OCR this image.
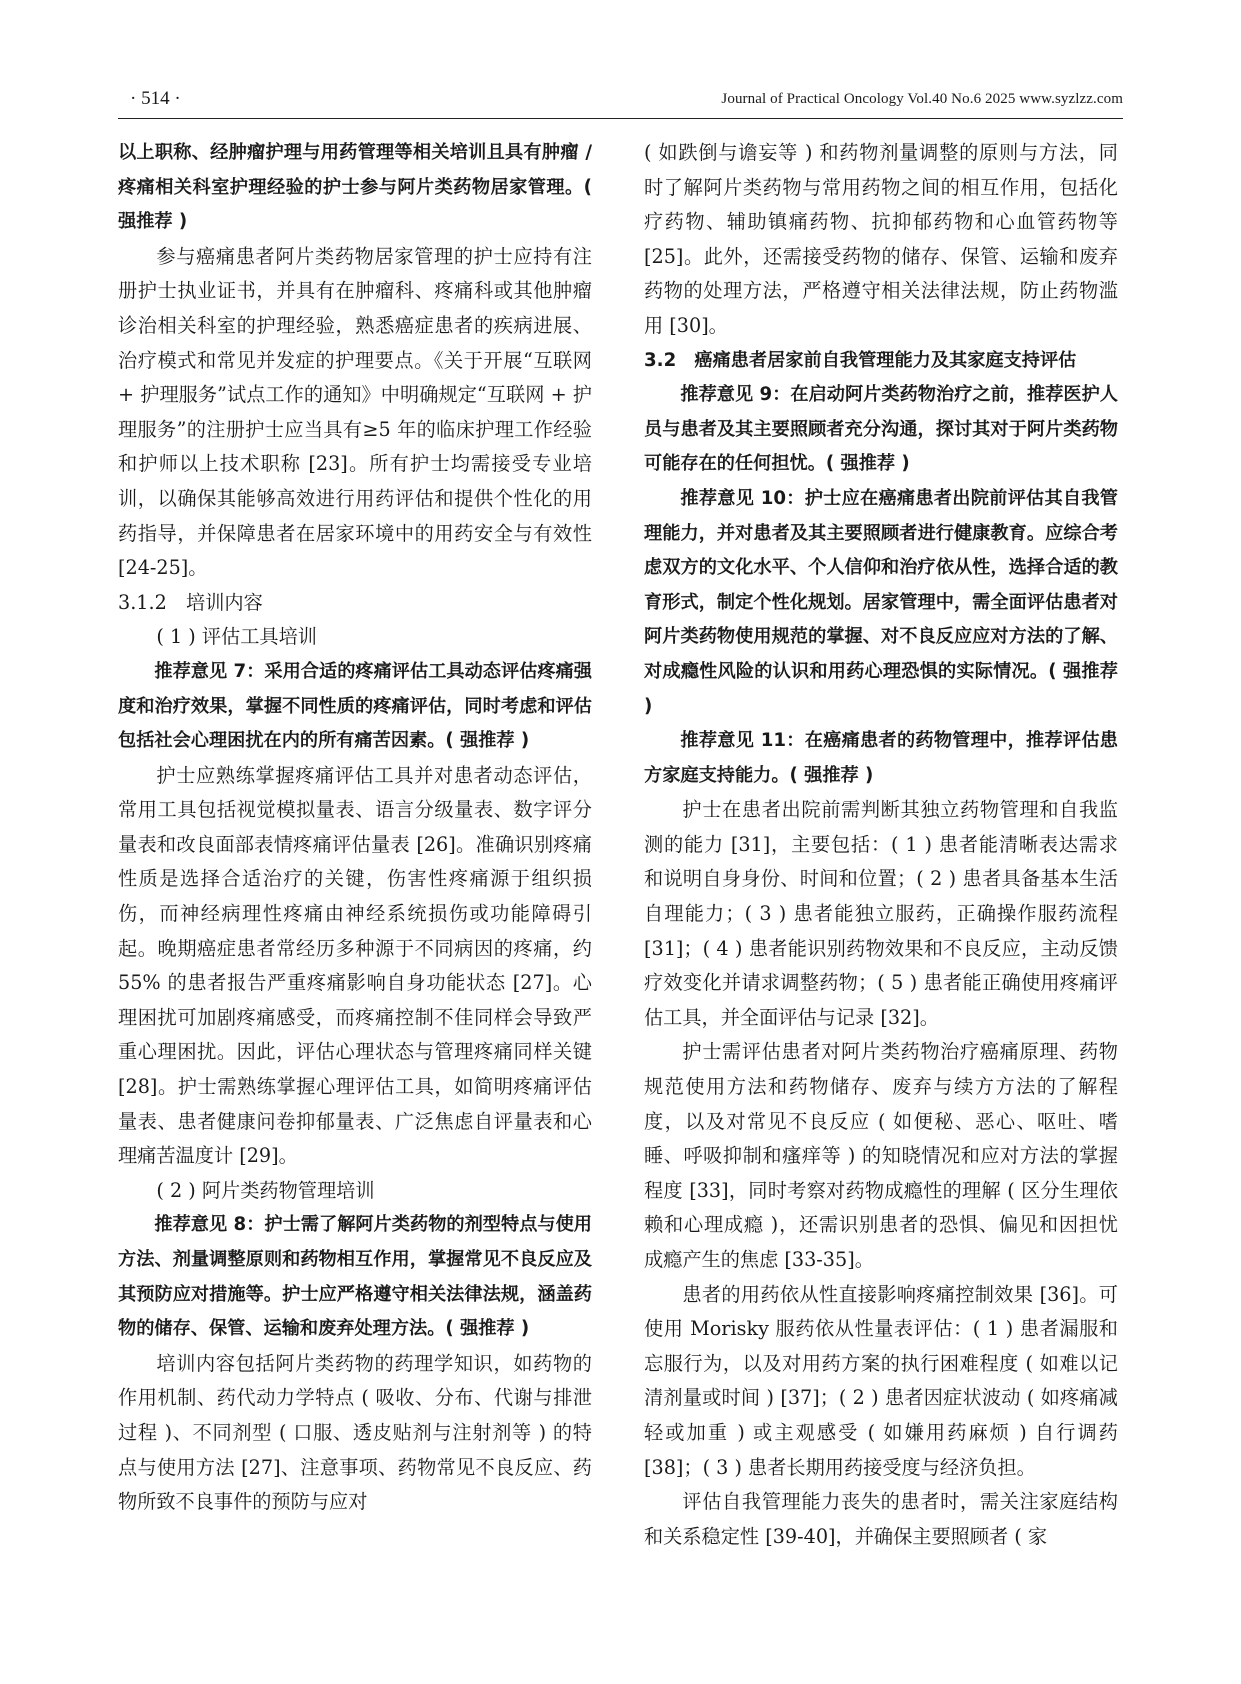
· 514 ·	Journal of Practical Oncology Vol.40 No.6 2025 www.syzlzz.com

以上职称、经肿瘤护理与用药管理等相关培训且具有肿瘤 / 疼痛相关科室护理经验的护士参与阿片类药物居家管理。( 强推荐 )

参与癌痛患者阿片类药物居家管理的护士应持有注册护士执业证书，并具有在肿瘤科、疼痛科或其他肿瘤诊治相关科室的护理经验，熟悉癌症患者的疾病进展、治疗模式和常见并发症的护理要点。《关于开展“互联网 + 护理服务”试点工作的通知》中明确规定“互联网 + 护理服务”的注册护士应当具有≥5 年的临床护理工作经验和护师以上技术职称 [23]。所有护士均需接受专业培训，以确保其能够高效进行用药评估和提供个性化的用药指导，并保障患者在居家环境中的用药安全与有效性 [24-25]。

3.1.2　培训内容

( 1 ) 评估工具培训

推荐意见 7：采用合适的疼痛评估工具动态评估疼痛强度和治疗效果，掌握不同性质的疼痛评估，同时考虑和评估包括社会心理困扰在内的所有痛苦因素。( 强推荐 )

护士应熟练掌握疼痛评估工具并对患者动态评估，常用工具包括视觉模拟量表、语言分级量表、数字评分量表和改良面部表情疼痛评估量表 [26]。准确识别疼痛性质是选择合适治疗的关键，伤害性疼痛源于组织损伤，而神经病理性疼痛由神经系统损伤或功能障碍引起。晚期癌症患者常经历多种源于不同病因的疼痛，约 55% 的患者报告严重疼痛影响自身功能状态 [27]。心理困扰可加剧疼痛感受，而疼痛控制不佳同样会导致严重心理困扰。因此，评估心理状态与管理疼痛同样关键 [28]。护士需熟练掌握心理评估工具，如简明疼痛评估量表、患者健康问卷抑郁量表、广泛焦虑自评量表和心理痛苦温度计 [29]。

( 2 ) 阿片类药物管理培训

推荐意见 8：护士需了解阿片类药物的剂型特点与使用方法、剂量调整原则和药物相互作用，掌握常见不良反应及其预防应对措施等。护士应严格遵守相关法律法规，涵盖药物的储存、保管、运输和废弃处理方法。( 强推荐 )

培训内容包括阿片类药物的药理学知识，如药物的作用机制、药代动力学特点 ( 吸收、分布、代谢与排泄过程 )、不同剂型 ( 口服、透皮贴剂与注射剂等 ) 的特点与使用方法 [27]、注意事项、药物常见不良反应、药物所致不良事件的预防与应对

( 如跌倒与谵妄等 ) 和药物剂量调整的原则与方法，同时了解阿片类药物与常用药物之间的相互作用，包括化疗药物、辅助镇痛药物、抗抑郁药物和心血管药物等 [25]。此外，还需接受药物的储存、保管、运输和废弃药物的处理方法，严格遵守相关法律法规，防止药物滥用 [30]。

3.2　癌痛患者居家前自我管理能力及其家庭支持评估

推荐意见 9：在启动阿片类药物治疗之前，推荐医护人员与患者及其主要照顾者充分沟通，探讨其对于阿片类药物可能存在的任何担忧。( 强推荐 )

推荐意见 10：护士应在癌痛患者出院前评估其自我管理能力，并对患者及其主要照顾者进行健康教育。应综合考虑双方的文化水平、个人信仰和治疗依从性，选择合适的教育形式，制定个性化规划。居家管理中，需全面评估患者对阿片类药物使用规范的掌握、对不良反应应对方法的了解、对成瘾性风险的认识和用药心理恐惧的实际情况。( 强推荐 )

推荐意见 11：在癌痛患者的药物管理中，推荐评估患方家庭支持能力。( 强推荐 )

护士在患者出院前需判断其独立药物管理和自我监测的能力 [31]，主要包括：( 1 ) 患者能清晰表达需求和说明自身身份、时间和位置；( 2 ) 患者具备基本生活自理能力；( 3 ) 患者能独立服药，正确操作服药流程 [31]；( 4 ) 患者能识别药物效果和不良反应，主动反馈疗效变化并请求调整药物；( 5 ) 患者能正确使用疼痛评估工具，并全面评估与记录 [32]。

护士需评估患者对阿片类药物治疗癌痛原理、药物规范使用方法和药物储存、废弃与续方方法的了解程度，以及对常见不良反应 ( 如便秘、恶心、呕吐、嗜睡、呼吸抑制和瘙痒等 ) 的知晓情况和应对方法的掌握程度 [33]，同时考察对药物成瘾性的理解 ( 区分生理依赖和心理成瘾 )，还需识别患者的恐惧、偏见和因担忧成瘾产生的焦虑 [33-35]。

患者的用药依从性直接影响疼痛控制效果 [36]。可使用 Morisky 服药依从性量表评估：( 1 ) 患者漏服和忘服行为，以及对用药方案的执行困难程度 ( 如难以记清剂量或时间 ) [37]；( 2 ) 患者因症状波动 ( 如疼痛减轻或加重 ) 或主观感受 ( 如嫌用药麻烦 ) 自行调药 [38]；( 3 ) 患者长期用药接受度与经济负担。

评估自我管理能力丧失的患者时，需关注家庭结构和关系稳定性 [39-40]，并确保主要照顾者 ( 家
